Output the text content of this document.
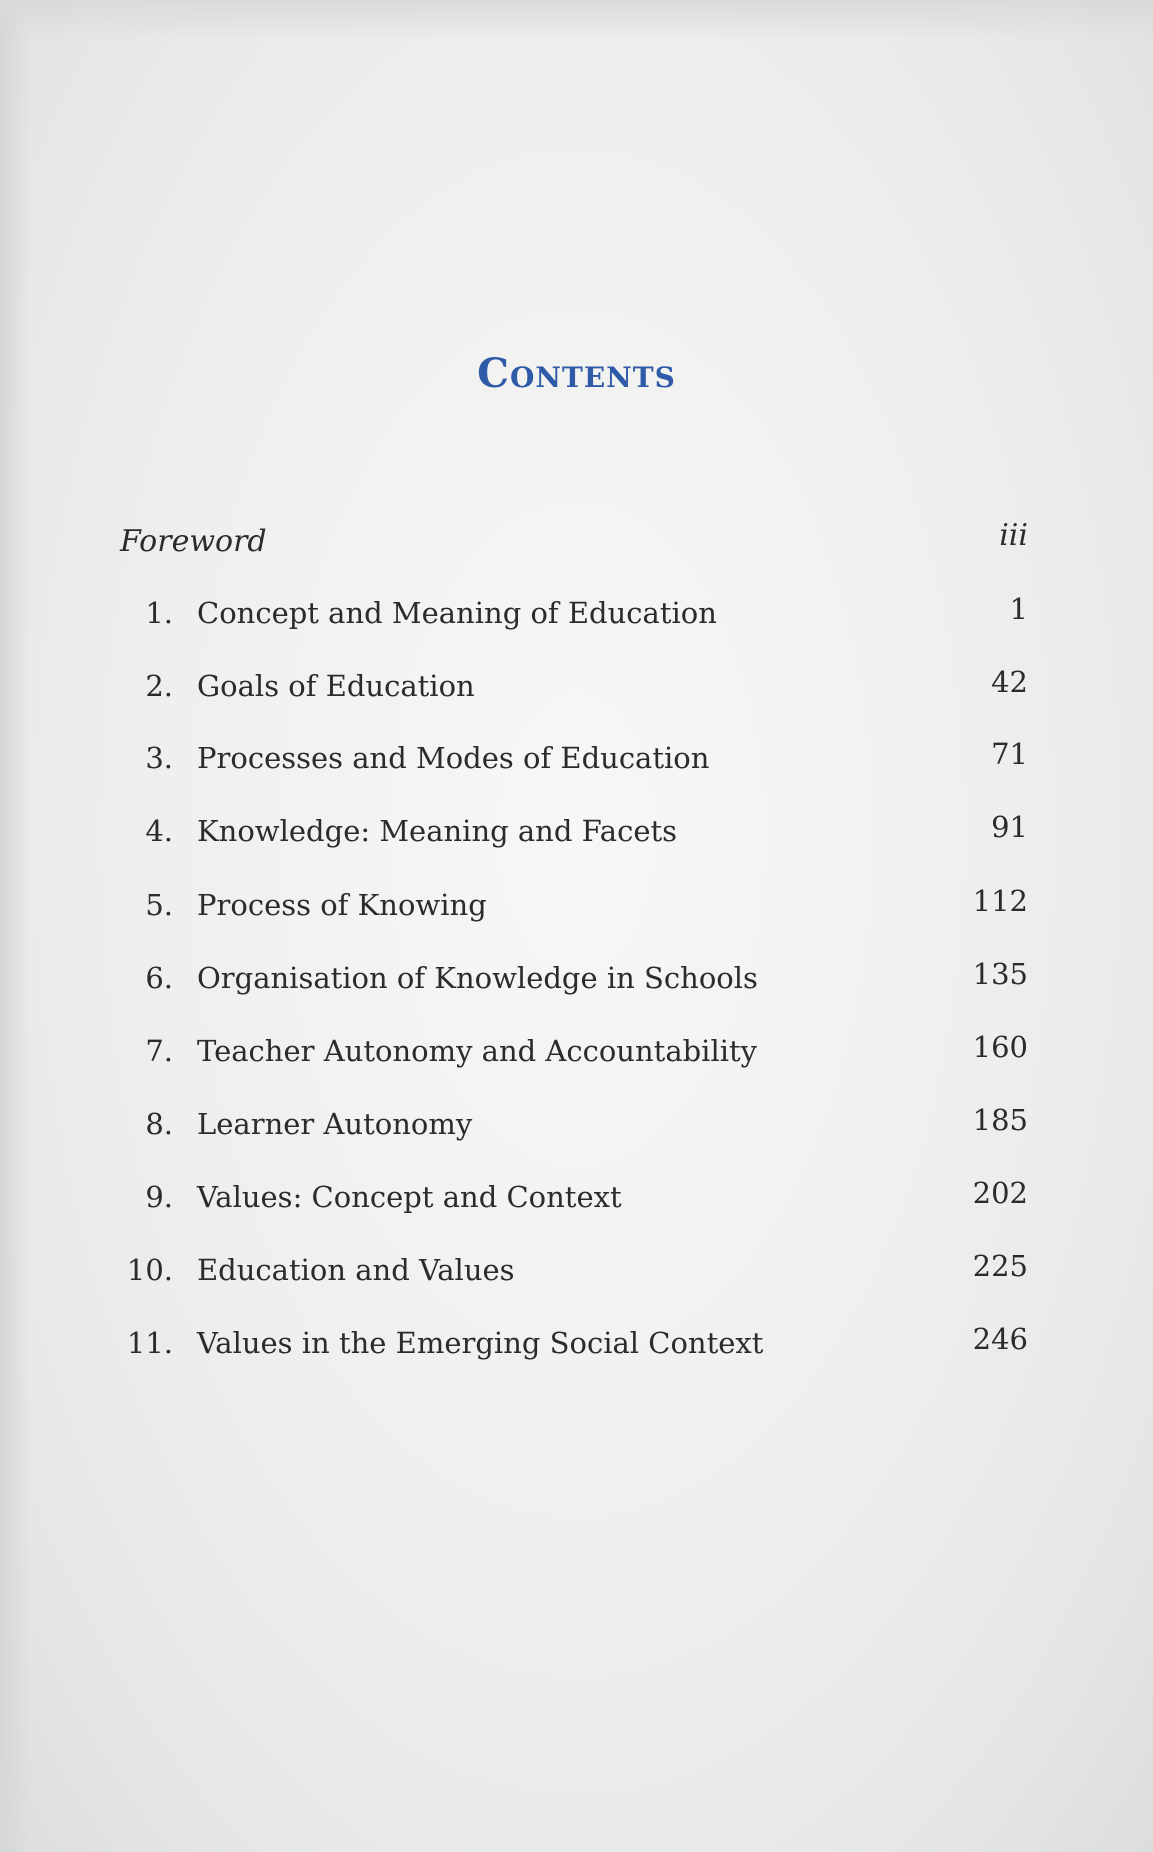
Contents
Foreword	iii
1. Concept and Meaning of Education	1
2. Goals of Education	42
3. Processes and Modes of Education	71
4. Knowledge: Meaning and Facets	91
5. Process of Knowing	112
6. Organisation of Knowledge in Schools	135
7. Teacher Autonomy and Accountability	160
8. Learner Autonomy	185
9. Values: Concept and Context	202
10. Education and Values	225
11. Values in the Emerging Social Context	246
